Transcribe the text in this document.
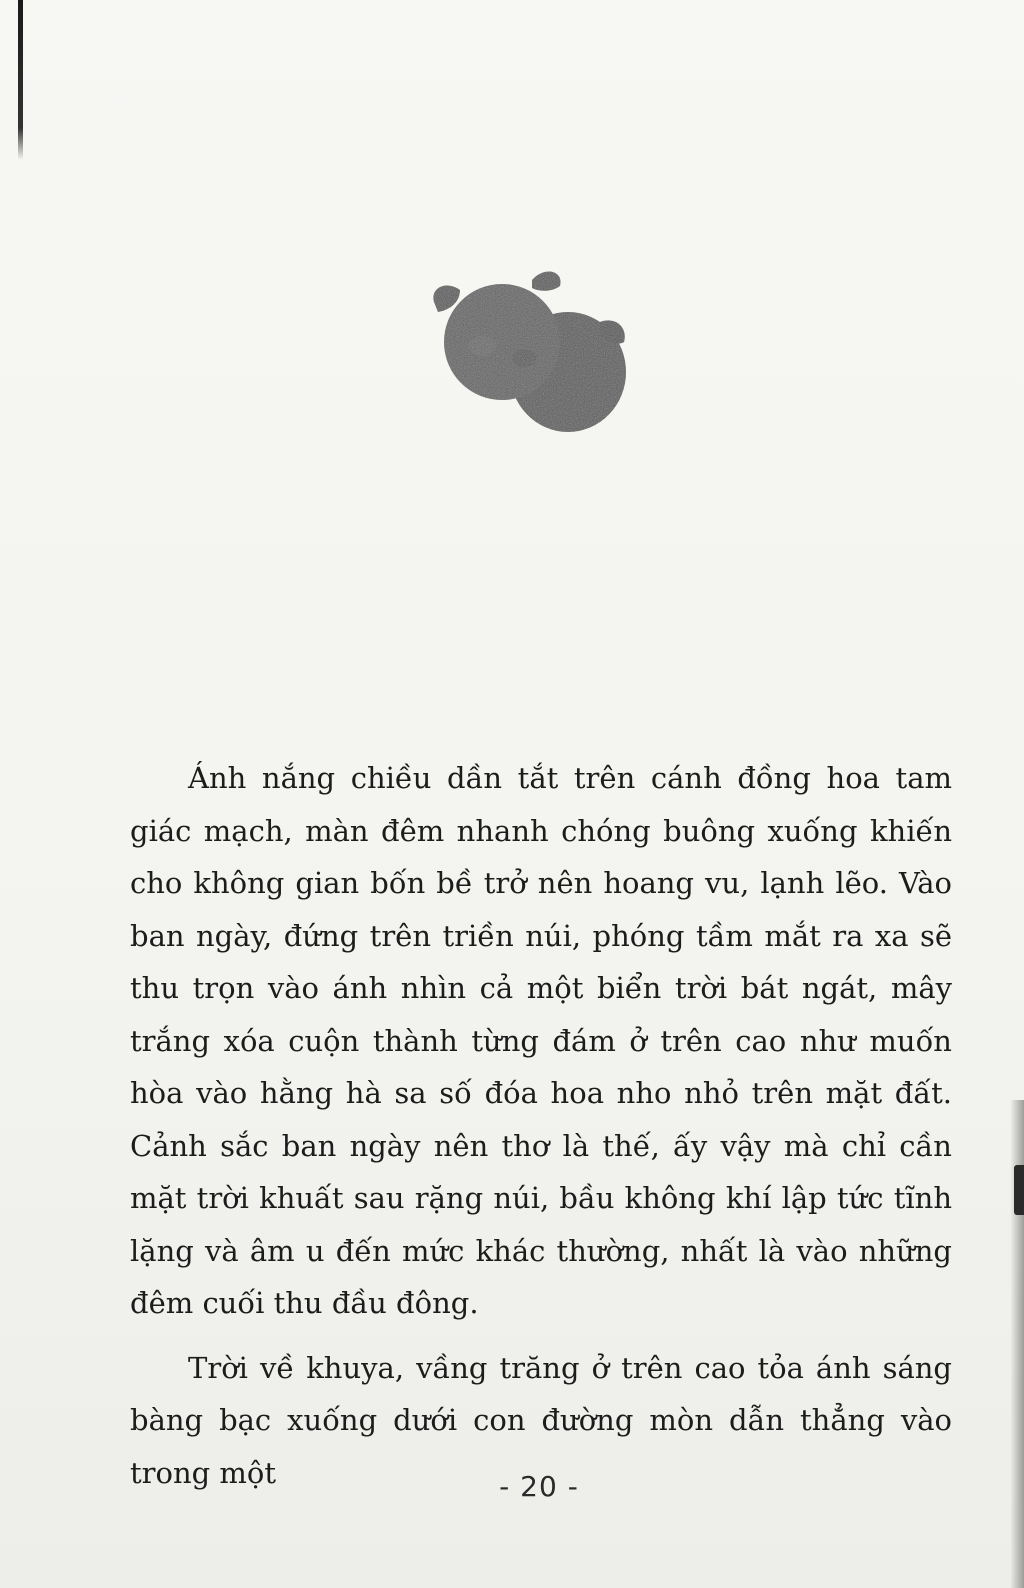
Ánh nắng chiều dần tắt trên cánh đồng hoa tam giác mạch, màn đêm nhanh chóng buông xuống khiến cho không gian bốn bề trở nên hoang vu, lạnh lẽo. Vào ban ngày, đứng trên triền núi, phóng tầm mắt ra xa sẽ thu trọn vào ánh nhìn cả một biển trời bát ngát, mây trắng xóa cuộn thành từng đám ở trên cao như muốn hòa vào hằng hà sa số đóa hoa nho nhỏ trên mặt đất. Cảnh sắc ban ngày nên thơ là thế, ấy vậy mà chỉ cần mặt trời khuất sau rặng núi, bầu không khí lập tức tĩnh lặng và âm u đến mức khác thường, nhất là vào những đêm cuối thu đầu đông.

Trời về khuya, vầng trăng ở trên cao tỏa ánh sáng bàng bạc xuống dưới con đường mòn dẫn thẳng vào trong một	- 20 -
